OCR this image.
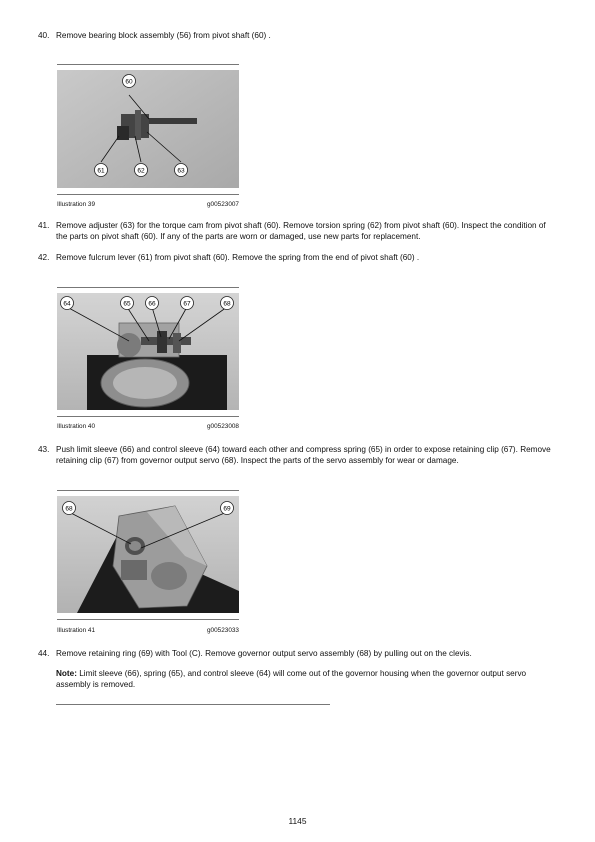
40. Remove bearing block assembly (56) from pivot shaft (60) .
60
61	62	63
Illustration 39	g00523007
41. Remove adjuster (63) for the torque cam from pivot shaft (60). Remove torsion spring (62) from pivot shaft (60). Inspect the condition of the parts on pivot shaft (60). If any of the parts are worn or damaged, use new parts for replacement.
42. Remove fulcrum lever (61) from pivot shaft (60). Remove the spring from the end of pivot shaft (60) .
64	65	66	67	68
Illustration 40	g00523008
43. Push limit sleeve (66) and control sleeve (64) toward each other and compress spring (65) in order to expose retaining clip (67). Remove retaining clip (67) from governor output servo (68). Inspect the parts of the servo assembly for wear or damage.
68	69
Illustration 41	g00523033
44. Remove retaining ring (69) with Tool (C). Remove governor output servo assembly (68) by pulling out on the clevis.
Note: Limit sleeve (66), spring (65), and control sleeve (64) will come out of the governor housing when the governor output servo assembly is removed.
1145
